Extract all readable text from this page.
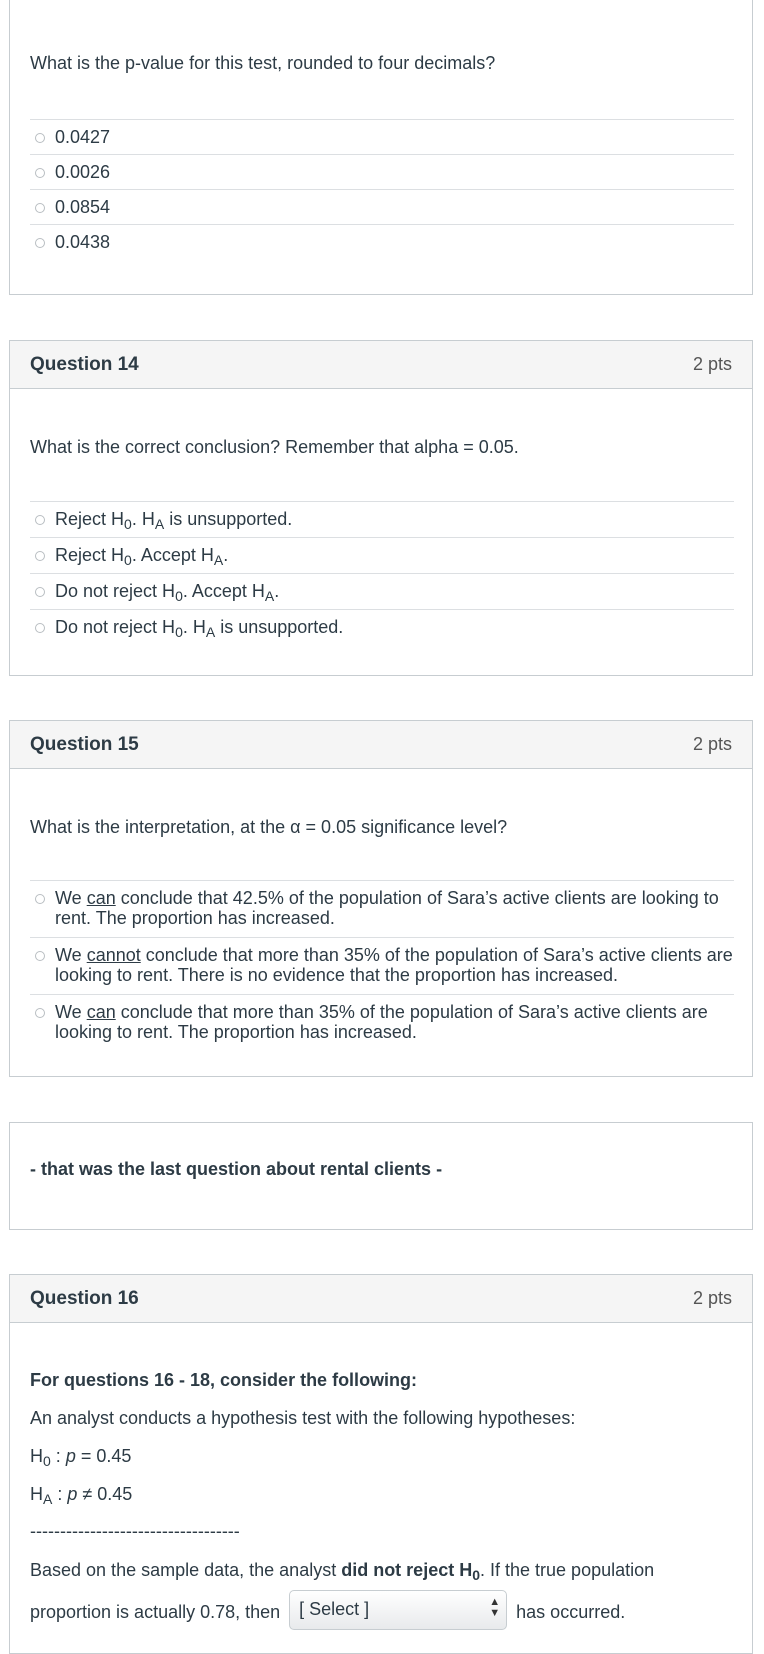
What is the p-value for this test, rounded to four decimals?
0.0427
0.0026
0.0854
0.0438
Question 14	2 pts
What is the correct conclusion? Remember that alpha = 0.05.
Reject $H_0$. $H_A$ is unsupported.
Reject $H_0$. Accept $H_A$.
Do not reject $H_0$. Accept $H_A$.
Do not reject $H_0$. $H_A$ is unsupported.
Question 15	2 pts
What is the interpretation, at the α = 0.05 significance level?
We can conclude that 42.5% of the population of Sara’s active clients are looking to rent. The proportion has increased.
We cannot conclude that more than 35% of the population of Sara’s active clients are looking to rent. There is no evidence that the proportion has increased.
We can conclude that more than 35% of the population of Sara’s active clients are looking to rent. The proportion has increased.
- that was the last question about rental clients -
Question 16	2 pts
For questions 16 - 18, consider the following:
An analyst conducts a hypothesis test with the following hypotheses:
$H_0$ : p = 0.45
$H_A$ : p ≠ 0.45
-----------------------------------
Based on the sample data, the analyst did not reject $H_0$. If the true population
proportion is actually 0.78, then [ Select ]	▲
▼ has occurred.
